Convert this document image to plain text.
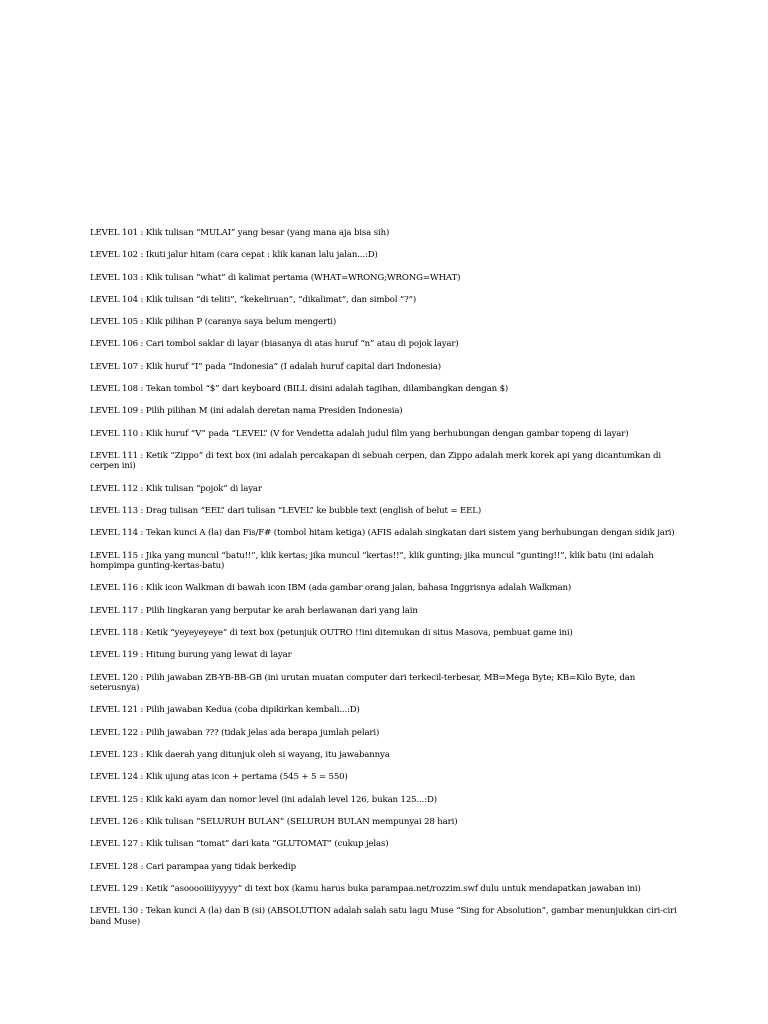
LEVEL 101 : Klik tulisan “MULAI” yang besar (yang mana aja bisa sih)
LEVEL 102 : Ikuti jalur hitam (cara cepat : klik kanan lalu jalan...:D)
LEVEL 103 : Klik tulisan “what” di kalimat pertama (WHAT=WRONG;WRONG=WHAT)
LEVEL 104 : Klik tulisan “di teliti”, “kekeliruan”, “dikalimat”, dan simbol “?”)
LEVEL 105 : Klik pilihan P (caranya saya belum mengerti)
LEVEL 106 : Cari tombol saklar di layar (biasanya di atas huruf “n” atau di pojok layar)
LEVEL 107 : Klik huruf “I” pada “Indonesia” (I adalah huruf capital dari Indonesia)
LEVEL 108 : Tekan tombol “$” dari keyboard (BILL disini adalah tagihan, dilambangkan dengan $)
LEVEL 109 : Pilih pilihan M (ini adalah deretan nama Presiden Indonesia)
LEVEL 110 : Klik huruf “V” pada “LEVEL” (V for Vendetta adalah judul film yang berhubungan dengan gambar topeng di layar)
LEVEL 111 : Ketik “Zippo” di text box (ini adalah percakapan di sebuah cerpen, dan Zippo adalah merk korek api yang dicantumkan di cerpen ini)
LEVEL 112 : Klik tulisan “pojok” di layar
LEVEL 113 : Drag tulisan “EEL” dari tulisan “LEVEL” ke bubble text (english of belut = EEL)
LEVEL 114 : Tekan kunci A (la) dan Fis/F# (tombol hitam ketiga) (AFIS adalah singkatan dari sistem yang berhubungan dengan sidik jari)
LEVEL 115 : Jika yang muncul “batu!!”, klik kertas; jika muncul “kertas!!”, klik gunting; jika muncul “gunting!!”, klik batu (ini adalah hompimpa gunting-kertas-batu)
LEVEL 116 : Klik icon Walkman di bawah icon IBM (ada gambar orang jalan, bahasa Inggrisnya adalah Walkman)
LEVEL 117 : Pilih lingkaran yang berputar ke arah berlawanan dari yang lain
LEVEL 118 : Ketik “yeyeyeyeye” di text box (petunjuk OUTRO !!ini ditemukan di situs Masova, pembuat game ini)
LEVEL 119 : Hitung burung yang lewat di layar
LEVEL 120 : Pilih jawaban ZB-YB-BB-GB (ini urutan muatan computer dari terkecil-terbesar, MB=Mega Byte; KB=Kilo Byte, dan seterusnya)
LEVEL 121 : Pilih jawaban Kedua (coba dipikirkan kembali...:D)
LEVEL 122 : Pilih jawaban ??? (tidak jelas ada berapa jumlah pelari)
LEVEL 123 : Klik daerah yang ditunjuk oleh si wayang, itu jawabannya
LEVEL 124 : Klik ujung atas icon + pertama (545 + 5 = 550)
LEVEL 125 : Klik kaki ayam dan nomor level (ini adalah level 126, bukan 125...:D)
LEVEL 126 : Klik tulisan “SELURUH BULAN” (SELURUH BULAN mempunyai 28 hari)
LEVEL 127 : Klik tulisan “tomat” dari kata “GLUTOMAT” (cukup jelas)
LEVEL 128 : Cari parampaa yang tidak berkedip
LEVEL 129 : Ketik “asooooiiiiyyyyy” di text box (kamu harus buka parampaa.net/rozzim.swf dulu untuk mendapatkan jawaban ini)
LEVEL 130 : Tekan kunci A (la) dan B (si) (ABSOLUTION adalah salah satu lagu Muse “Sing for Absolution”, gambar menunjukkan ciri-ciri band Muse)
